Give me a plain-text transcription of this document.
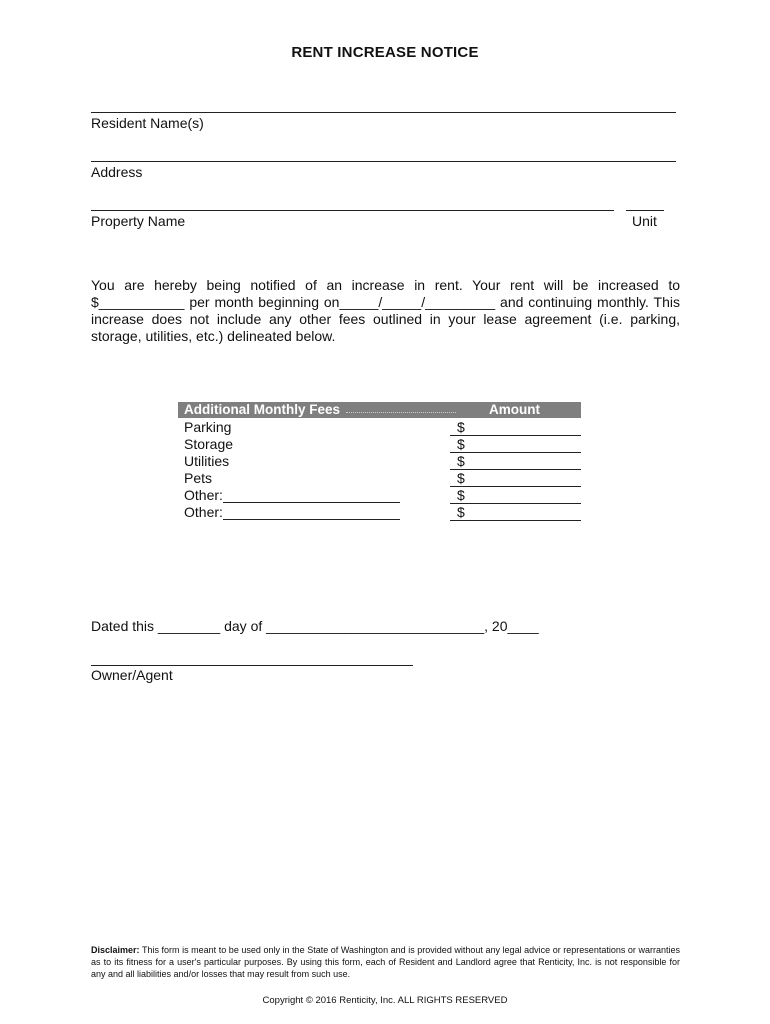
RENT INCREASE NOTICE
Resident Name(s)
Address
Property Name	Unit
You are hereby being notified of an increase in rent. Your rent will be increased to $___________ per month beginning on_____/_____/_________ and continuing monthly. This increase does not include any other fees outlined in your lease agreement (i.e. parking, storage, utilities, etc.) delineated below.
Additional Monthly Fees	Amount
Parking	$
Storage	$
Utilities	$
Pets	$
Other:	$
Other:	$
Dated this ________ day of ____________________________, 20____
Owner/Agent
Disclaimer: This form is meant to be used only in the State of Washington and is provided without any legal advice or representations or warranties as to its fitness for a user's particular purposes. By using this form, each of Resident and Landlord agree that Renticity, Inc. is not responsible for any and all liabilities and/or losses that may result from such use.
Copyright © 2016 Renticity, Inc. ALL RIGHTS RESERVED
